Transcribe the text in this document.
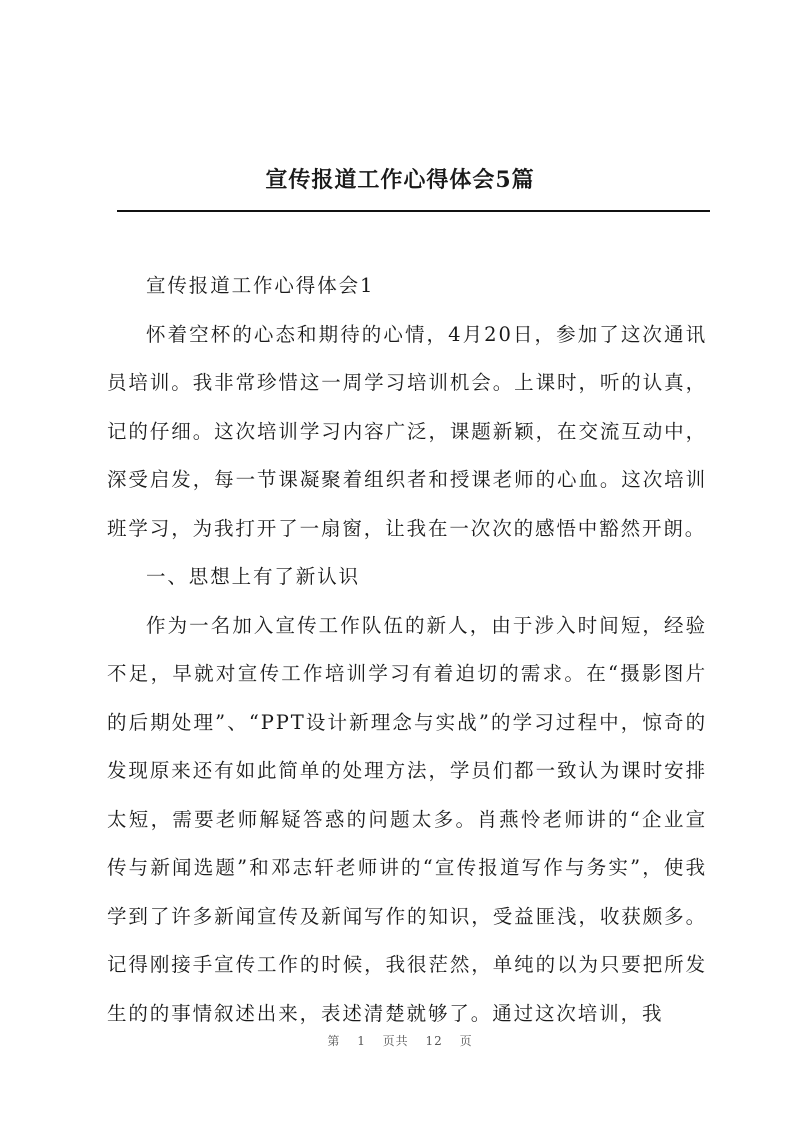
宣传报道工作心得体会5篇

宣传报道工作心得体会1

怀着空杯的心态和期待的心情，4月20日，参加了这次通讯员培训。我非常珍惜这一周学习培训机会。上课时，听的认真，记的仔细。这次培训学习内容广泛，课题新颖，在交流互动中，深受启发，每一节课凝聚着组织者和授课老师的心血。这次培训班学习，为我打开了一扇窗，让我在一次次的感悟中豁然开朗。

一、思想上有了新认识

作为一名加入宣传工作队伍的新人，由于涉入时间短，经验不足，早就对宣传工作培训学习有着迫切的需求。在“摄影图片的后期处理”、“PPT设计新理念与实战”的学习过程中，惊奇的发现原来还有如此简单的处理方法，学员们都一致认为课时安排太短，需要老师解疑答惑的问题太多。肖燕怜老师讲的“企业宣传与新闻选题”和邓志轩老师讲的“宣传报道写作与务实”，使我学到了许多新闻宣传及新闻写作的知识，受益匪浅，收获颇多。记得刚接手宣传工作的时候，我很茫然，单纯的以为只要把所发生的的事情叙述出来，表述清楚就够了。通过这次培训，我

第 1 页共 12 页
